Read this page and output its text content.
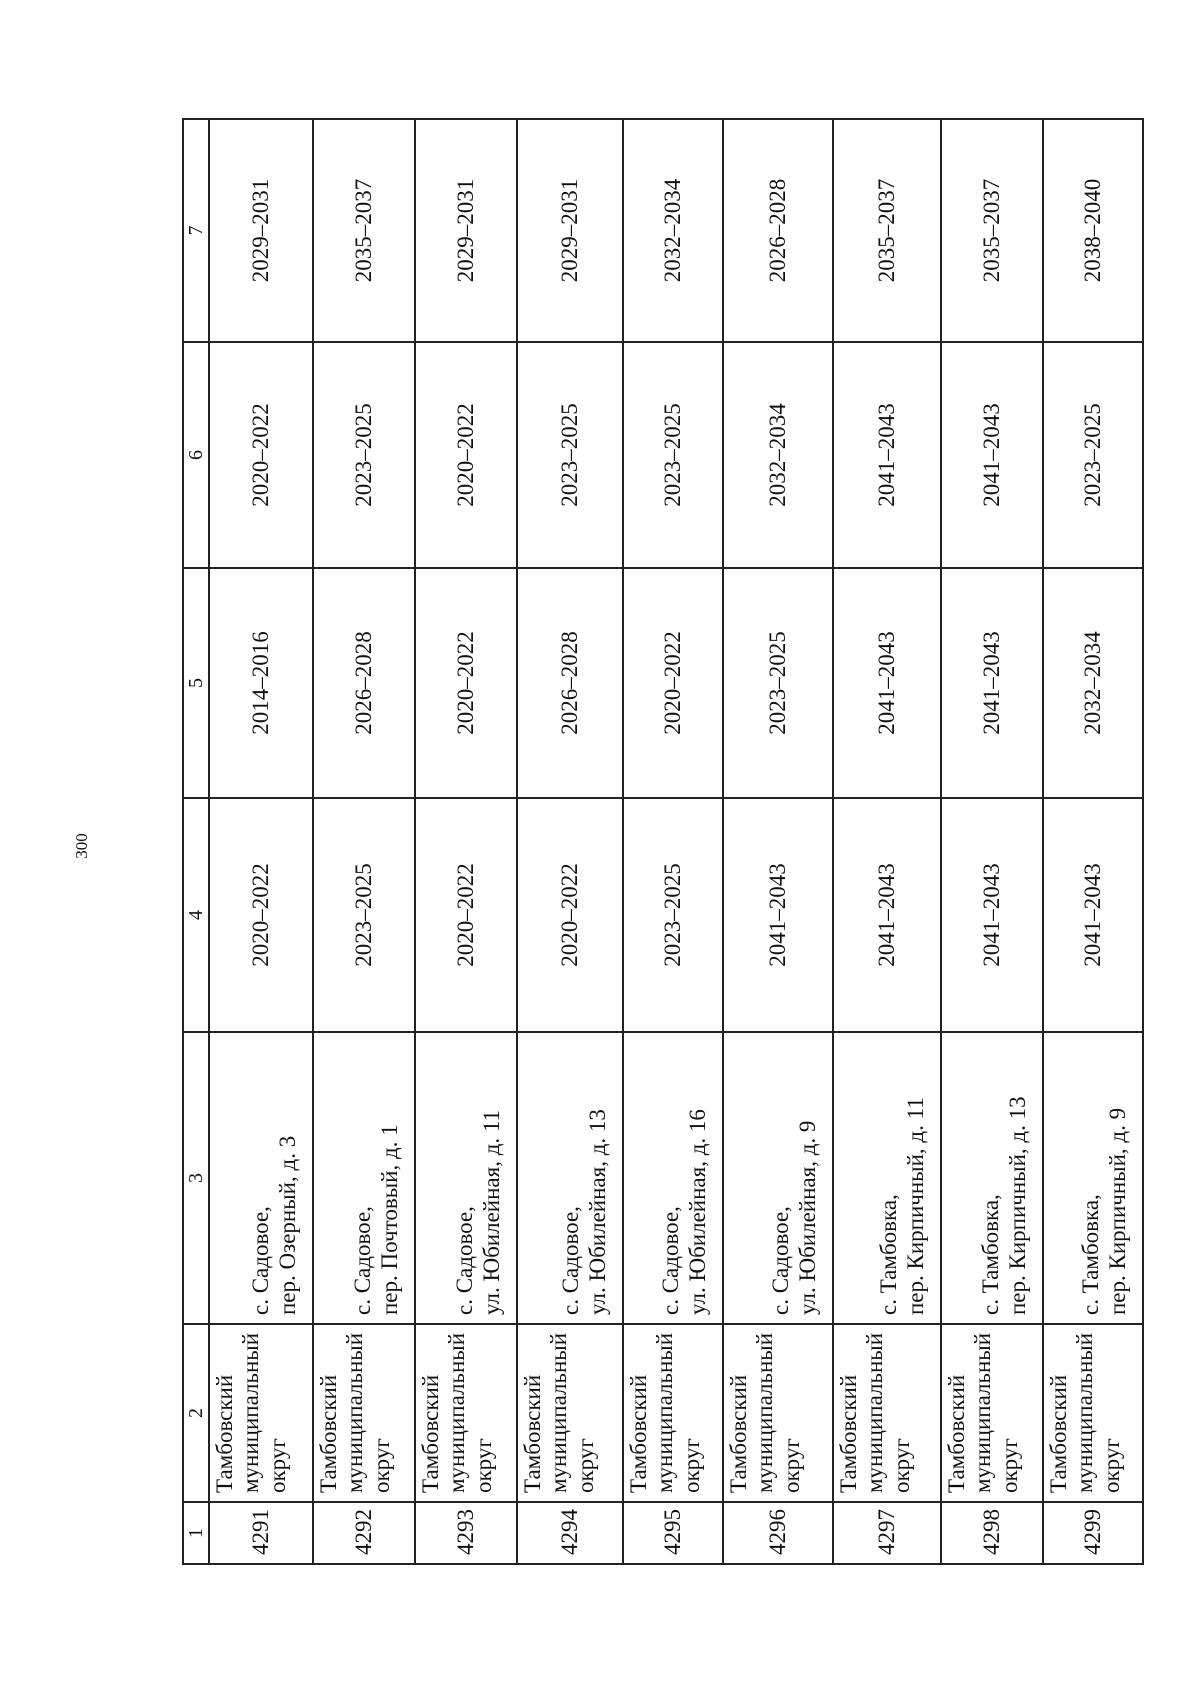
300
1	2	3	4	5	6	7
4291	Тамбовский муниципальный округ	с. Садовое, пер. Озерный, д. 3	2020–2022	2014–2016	2020–2022	2029–2031
4292	Тамбовский муниципальный округ	с. Садовое, пер. Почтовый, д. 1	2023–2025	2026–2028	2023–2025	2035–2037
4293	Тамбовский муниципальный округ	с. Садовое, ул. Юбилейная, д. 11	2020–2022	2020–2022	2020–2022	2029–2031
4294	Тамбовский муниципальный округ	с. Садовое, ул. Юбилейная, д. 13	2020–2022	2026–2028	2023–2025	2029–2031
4295	Тамбовский муниципальный округ	с. Садовое, ул. Юбилейная, д. 16	2023–2025	2020–2022	2023–2025	2032–2034
4296	Тамбовский муниципальный округ	с. Садовое, ул. Юбилейная, д. 9	2041–2043	2023–2025	2032–2034	2026–2028
4297	Тамбовский муниципальный округ	с. Тамбовка, пер. Кирпичный, д. 11	2041–2043	2041–2043	2041–2043	2035–2037
4298	Тамбовский муниципальный округ	с. Тамбовка, пер. Кирпичный, д. 13	2041–2043	2041–2043	2041–2043	2035–2037
4299	Тамбовский муниципальный округ	с. Тамбовка, пер. Кирпичный, д. 9	2041–2043	2032–2034	2023–2025	2038–2040
